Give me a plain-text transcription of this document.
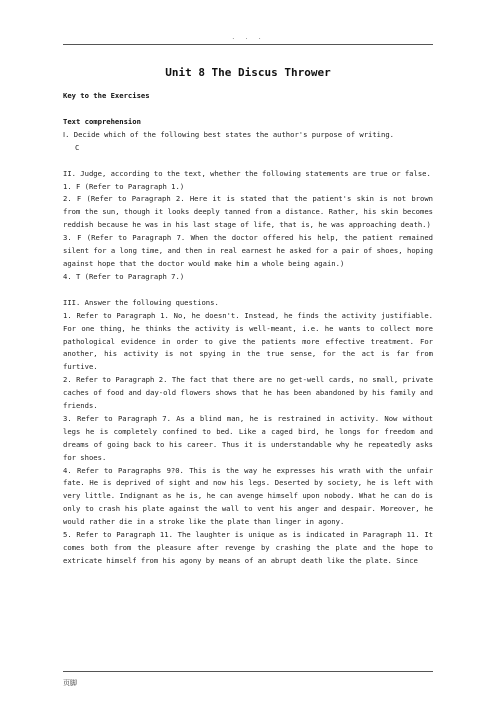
. . .
Unit 8 The Discus Thrower

Key to the Exercises

Text comprehension

Ⅰ. Decide which of the following best states the author's purpose of writing.

C

II. Judge, according to the text, whether the following statements are true or false.

1. F (Refer to Paragraph 1.)

2. F (Refer to Paragraph 2. Here it is stated that the patient's skin is not brown from the sun, though it looks deeply tanned from a distance. Rather, his skin becomes reddish because he was in his last stage of life, that is, he was approaching death.)

3. F (Refer to Paragraph 7. When the doctor offered his help, the patient remained silent for a long time, and then in real earnest he asked for a pair of shoes, hoping against hope that the doctor would make him a whole being again.)

4. T (Refer to Paragraph 7.)

III. Answer the following questions.

1. Refer to Paragraph 1. No, he doesn't. Instead, he finds the activity justifiable. For one thing, he thinks the activity is well-meant, i.e. he wants to collect more pathological evidence in order to give the patients more effective treatment. For another, his activity is not spying in the true sense, for the act is far from furtive.

2. Refer to Paragraph 2. The fact that there are no get-well cards, no small, private caches of food and day-old flowers shows that he has been abandoned by his family and friends.

3. Refer to Paragraph 7. As a blind man, he is restrained in activity. Now without legs he is completely confined to bed. Like a caged bird, he longs for freedom and dreams of going back to his career. Thus it is understandable why he repeatedly asks for shoes.

4. Refer to Paragraphs 9?0. This is the way he expresses his wrath with the unfair fate. He is deprived of sight and now his legs. Deserted by society, he is left with very little. Indignant as he is, he can avenge himself upon nobody. What he can do is only to crash his plate against the wall to vent his anger and despair. Moreover, he would rather die in a stroke like the plate than linger in agony.

5. Refer to Paragraph 11. The laughter is unique as is indicated in Paragraph 11. It comes both from the pleasure after revenge by crashing the plate and the hope to extricate himself from his agony by means of an abrupt death like the plate. Since

页脚
